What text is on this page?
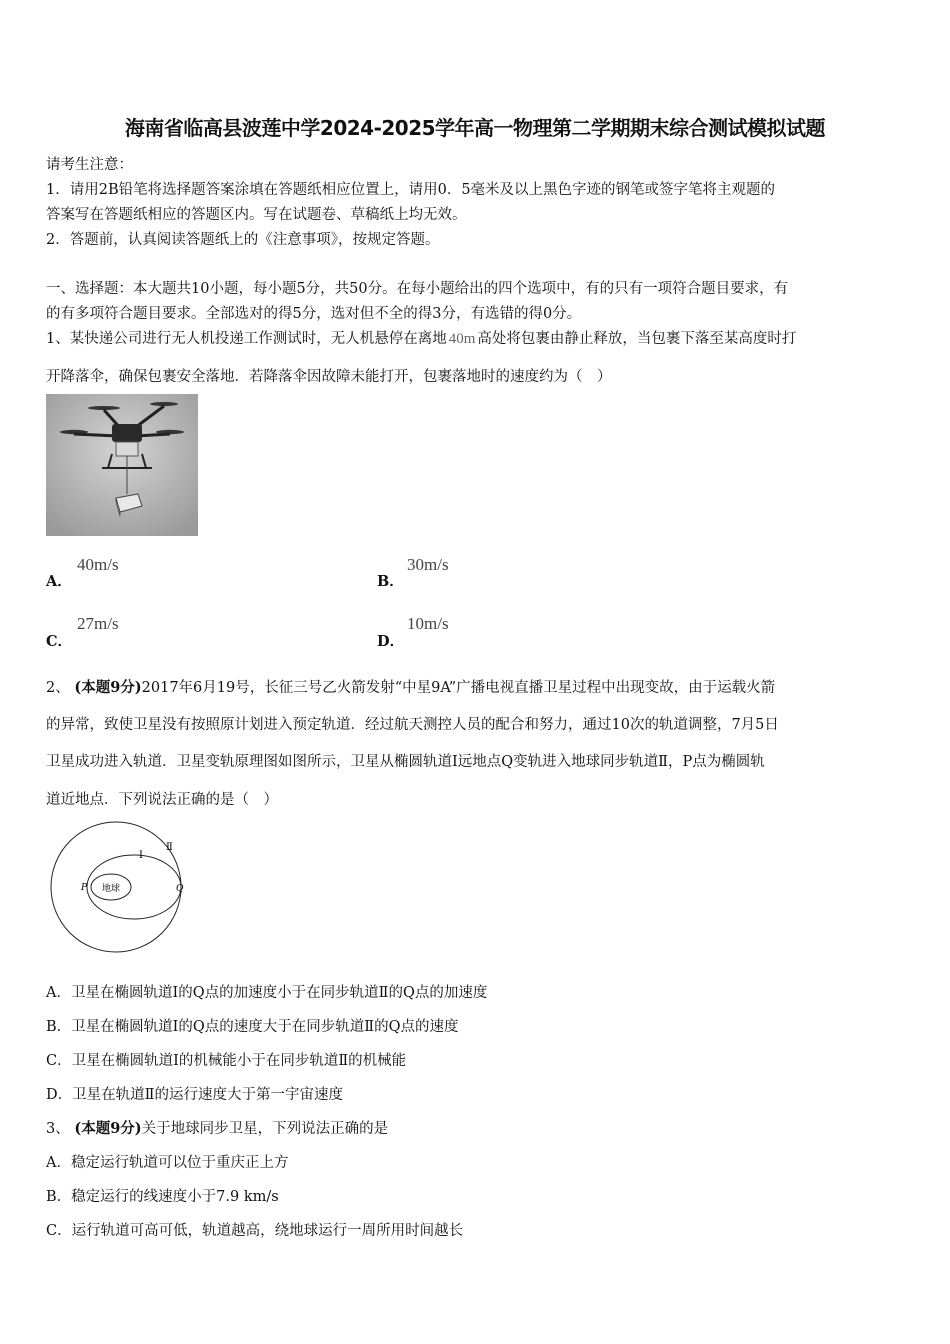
海南省临高县波莲中学2024-2025学年高一物理第二学期期末综合测试模拟试题
请考生注意：
1．请用2B铅笔将选择题答案涂填在答题纸相应位置上，请用0．5毫米及以上黑色字迹的钢笔或签字笔将主观题的
答案写在答题纸相应的答题区内。写在试题卷、草稿纸上均无效。
2．答题前，认真阅读答题纸上的《注意事项》，按规定答题。
一、选择题：本大题共10小题，每小题5分，共50分。在每小题给出的四个选项中，有的只有一项符合题目要求，有
的有多项符合题目要求。全部选对的得5分，选对但不全的得3分，有选错的得0分。
1、某快递公司进行无人机投递工作测试时，无人机悬停在离地 40m 高处将包裹由静止释放，当包裹下落至某高度时打
开降落伞，确保包裹安全落地．若降落伞因故障未能打开，包裹落地时的速度约为（　）
A．
40m/s
B．
30m/s
C．
27m/s
D．
10m/s
2、 (本题9分)2017年6月19号，长征三号乙火箭发射“中星9A”广播电视直播卫星过程中出现变故，由于运载火箭
的异常，致使卫星没有按照原计划进入预定轨道．经过航天测控人员的配合和努力，通过10次的轨道调整，7月5日
卫星成功进入轨道．卫星变轨原理图如图所示，卫星从椭圆轨道Ⅰ远地点Q变轨进入地球同步轨道Ⅱ，P点为椭圆轨
道近地点．下列说法正确的是（　）
地球
P	Q
Ⅰ
Ⅱ
A．卫星在椭圆轨道Ⅰ的Q点的加速度小于在同步轨道Ⅱ的Q点的加速度
B．卫星在椭圆轨道Ⅰ的Q点的速度大于在同步轨道Ⅱ的Q点的速度
C．卫星在椭圆轨道Ⅰ的机械能小于在同步轨道Ⅱ的机械能
D．卫星在轨道Ⅱ的运行速度大于第一宇宙速度
3、 (本题9分)关于地球同步卫星，下列说法正确的是
A．稳定运行轨道可以位于重庆正上方
B．稳定运行的线速度小于7.9 km/s
C．运行轨道可高可低，轨道越高，绕地球运行一周所用时间越长
